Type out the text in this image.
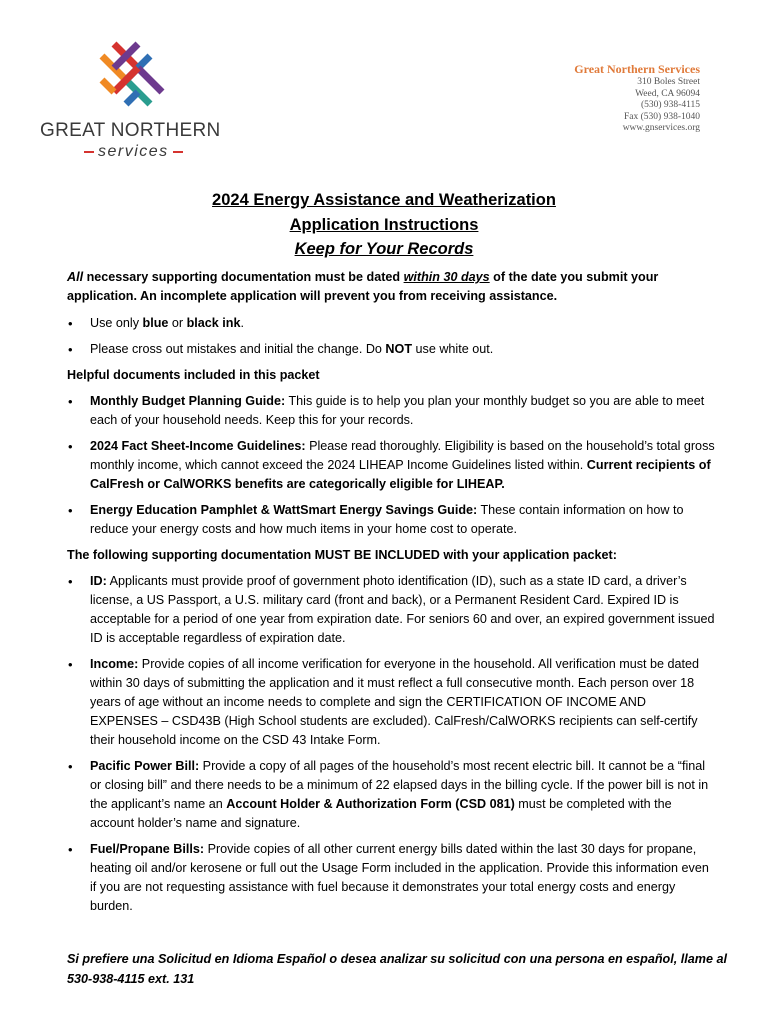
GREAT NORTHERN
services
Great Northern Services
310 Boles Street
Weed, CA 96094
(530) 938-4115
Fax (530) 938-1040
www.gnservices.org
2024 Energy Assistance and Weatherization
Application Instructions
Keep for Your Records

All necessary supporting documentation must be dated within 30 days of the date you submit your application. An incomplete application will prevent you from receiving assistance.

• Use only blue or black ink.
• Please cross out mistakes and initial the change. Do NOT use white out.

Helpful documents included in this packet

• Monthly Budget Planning Guide: This guide is to help you plan your monthly budget so you are able to meet each of your household needs. Keep this for your records.
• 2024 Fact Sheet-Income Guidelines: Please read thoroughly. Eligibility is based on the household’s total gross monthly income, which cannot exceed the 2024 LIHEAP Income Guidelines listed within. Current recipients of CalFresh or CalWORKS benefits are categorically eligible for LIHEAP.
• Energy Education Pamphlet & WattSmart Energy Savings Guide: These contain information on how to reduce your energy costs and how much items in your home cost to operate.

The following supporting documentation MUST BE INCLUDED with your application packet:

• ID: Applicants must provide proof of government photo identification (ID), such as a state ID card, a driver’s license, a US Passport, a U.S. military card (front and back), or a Permanent Resident Card. Expired ID is acceptable for a period of one year from expiration date. For seniors 60 and over, an expired government issued ID is acceptable regardless of expiration date.
• Income: Provide copies of all income verification for everyone in the household. All verification must be dated within 30 days of submitting the application and it must reflect a full consecutive month. Each person over 18 years of age without an income needs to complete and sign the CERTIFICATION OF INCOME AND EXPENSES – CSD43B (High School students are excluded). CalFresh/CalWORKS recipients can self-certify their household income on the CSD 43 Intake Form.
• Pacific Power Bill: Provide a copy of all pages of the household’s most recent electric bill. It cannot be a “final or closing bill” and there needs to be a minimum of 22 elapsed days in the billing cycle. If the power bill is not in the applicant’s name an Account Holder & Authorization Form (CSD 081) must be completed with the account holder’s name and signature.
• Fuel/Propane Bills: Provide copies of all other current energy bills dated within the last 30 days for propane, heating oil and/or kerosene or full out the Usage Form included in the application. Provide this information even if you are not requesting assistance with fuel because it demonstrates your total energy costs and energy burden.

Si prefiere una Solicitud en Idioma Español o desea analizar su solicitud con una persona en español, llame al 530-938-4115 ext. 131
